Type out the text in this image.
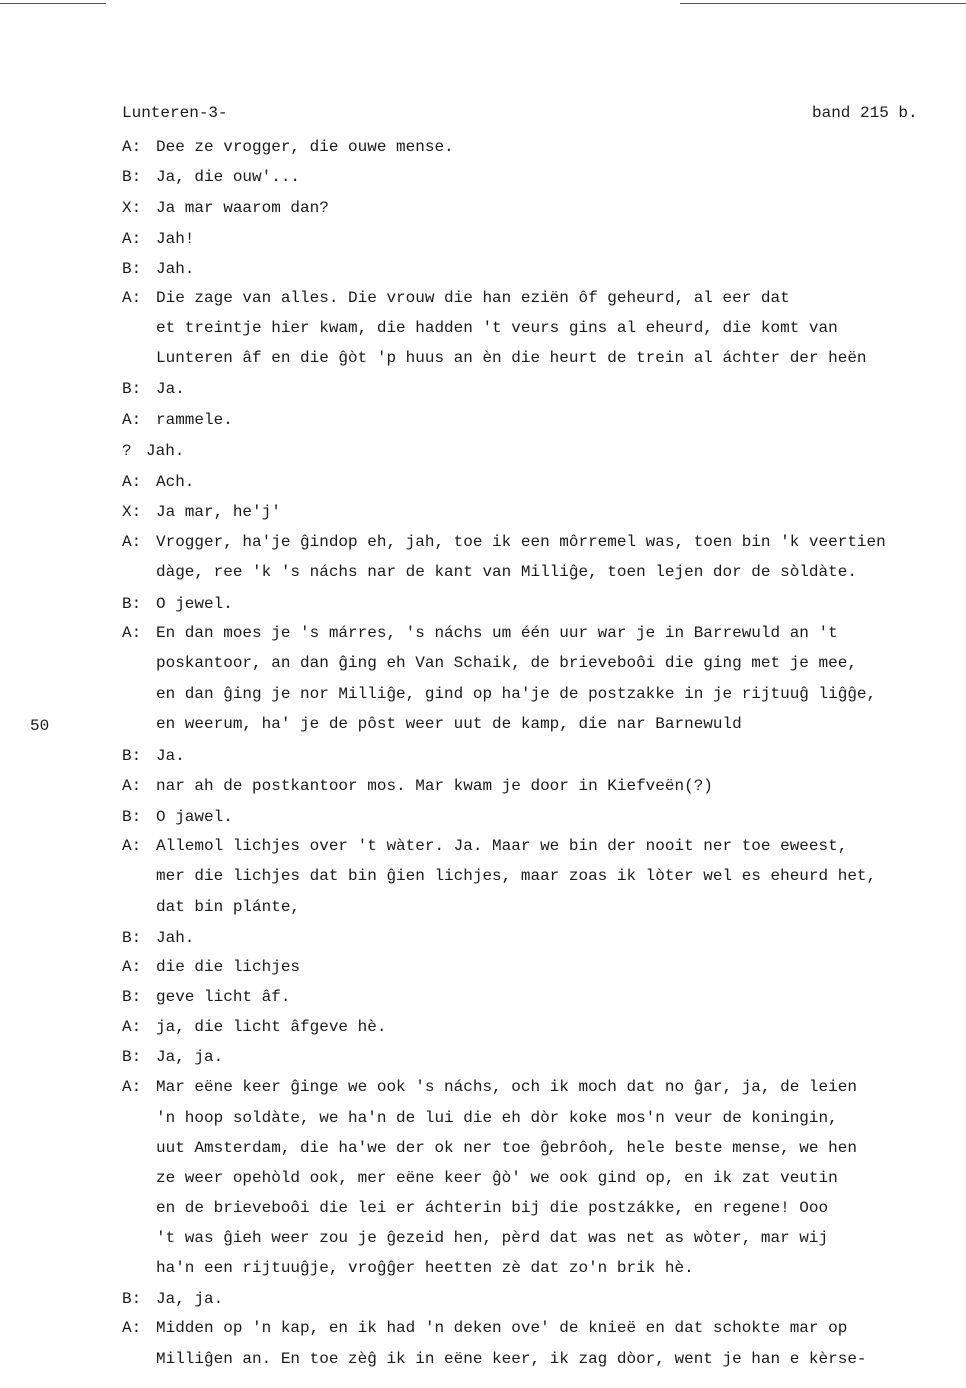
Lunteren-3-	band 215 b.
50
A: Dee ze vrogger, die ouwe mense.
B: Ja, die ouw'...
X: Ja mar waarom dan?
A: Jah!
B: Jah.
A: Die zage van alles. Die vrouw die han eziën ôf geheurd, al eer dat
et treintje hier kwam, die hadden 't veurs gins al eheurd, die komt van
Lunteren âf en die ĝòt 'p huus an èn die heurt de trein al áchter der heën
B: Ja.
A: rammele.
? Jah.
A: Ach.
X: Ja mar, he'j'
A: Vrogger, ha'je ĝindop eh, jah, toe ik een môrremel was, toen bin 'k veertien
dàge, ree 'k 's náchs nar de kant van Milliĝe, toen lejen dor de sòldàte.
B: O jewel.
A: En dan moes je 's márres, 's náchs um één uur war je in Barrewuld an 't
poskantoor, an dan ĝing eh Van Schaik, de brieveboôi die ging met je mee,
en dan ĝing je nor Milliĝe, gind op ha'je de postzakke in je rijtuuĝ liĝĝe,
en weerum, ha' je de pôst weer uut de kamp, die nar Barnewuld
B: Ja.
A: nar ah de postkantoor mos. Mar kwam je door in Kiefveën(?)
B: O jawel.
A: Allemol lichjes over 't wàter. Ja. Maar we bin der nooit ner toe eweest,
mer die lichjes dat bin ĝien lichjes, maar zoas ik lòter wel es eheurd het,
dat bin plánte,
B: Jah.
A: die die lichjes
B: geve licht âf.
A: ja, die licht âfgeve hè.
B: Ja, ja.
A: Mar eëne keer ĝinge we ook 's náchs, och ik moch dat no ĝar, ja, de leien
'n hoop soldàte, we ha'n de lui die eh dòr koke mos'n veur de koningin,
uut Amsterdam, die ha'we der ok ner toe ĝebrôoh, hele beste mense, we hen
ze weer opehòld ook, mer eëne keer ĝò' we ook gind op, en ik zat veutin
en de brieveboôi die lei er áchterin bij die postzákke, en regene! Ooo
't was ĝieh weer zou je ĝezeid hen, pèrd dat was net as wòter, mar wij
ha'n een rijtuuĝje, vroĝĝer heetten zè dat zo'n brik hè.
B: Ja, ja.
A: Midden op 'n kap, en ik had 'n deken ove' de knieë en dat schokte mar op
Milliĝen an. En toe zèĝ ik in eëne keer, ik zag dòor, went je han e kèrse-
